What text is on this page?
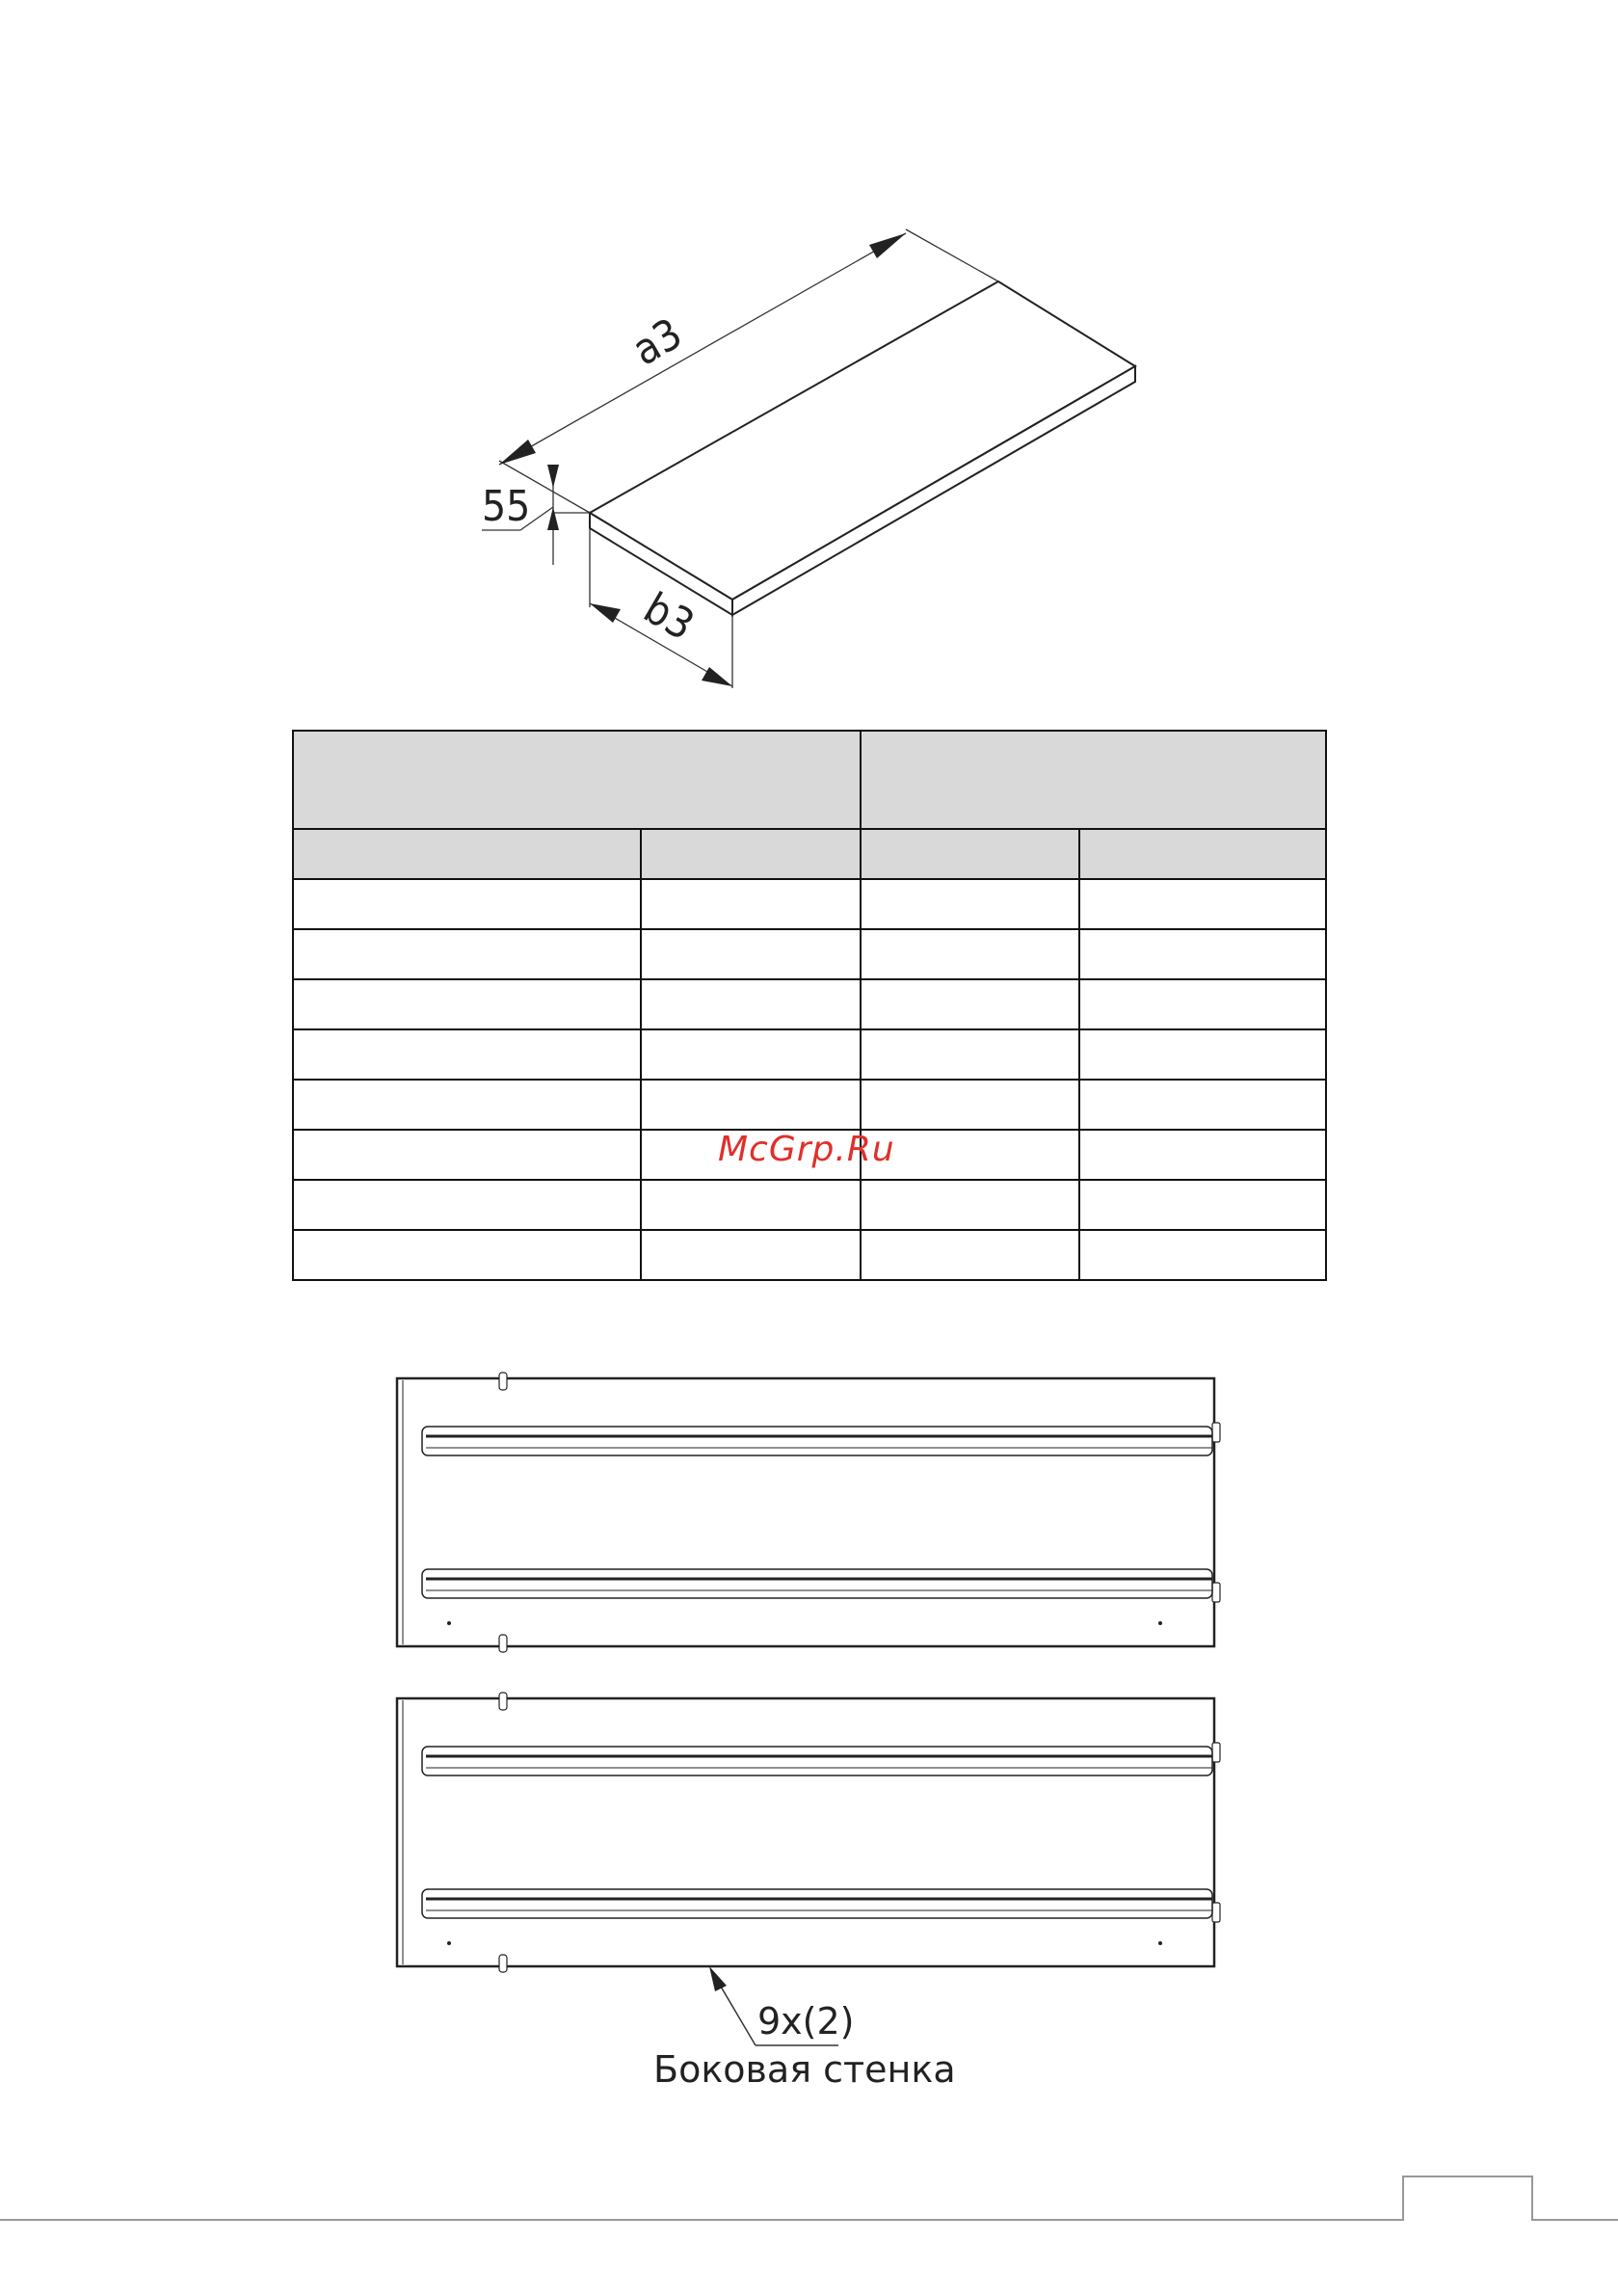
a3
55
b3

McGrp.Ru
9x(2)
Боковая стенка
